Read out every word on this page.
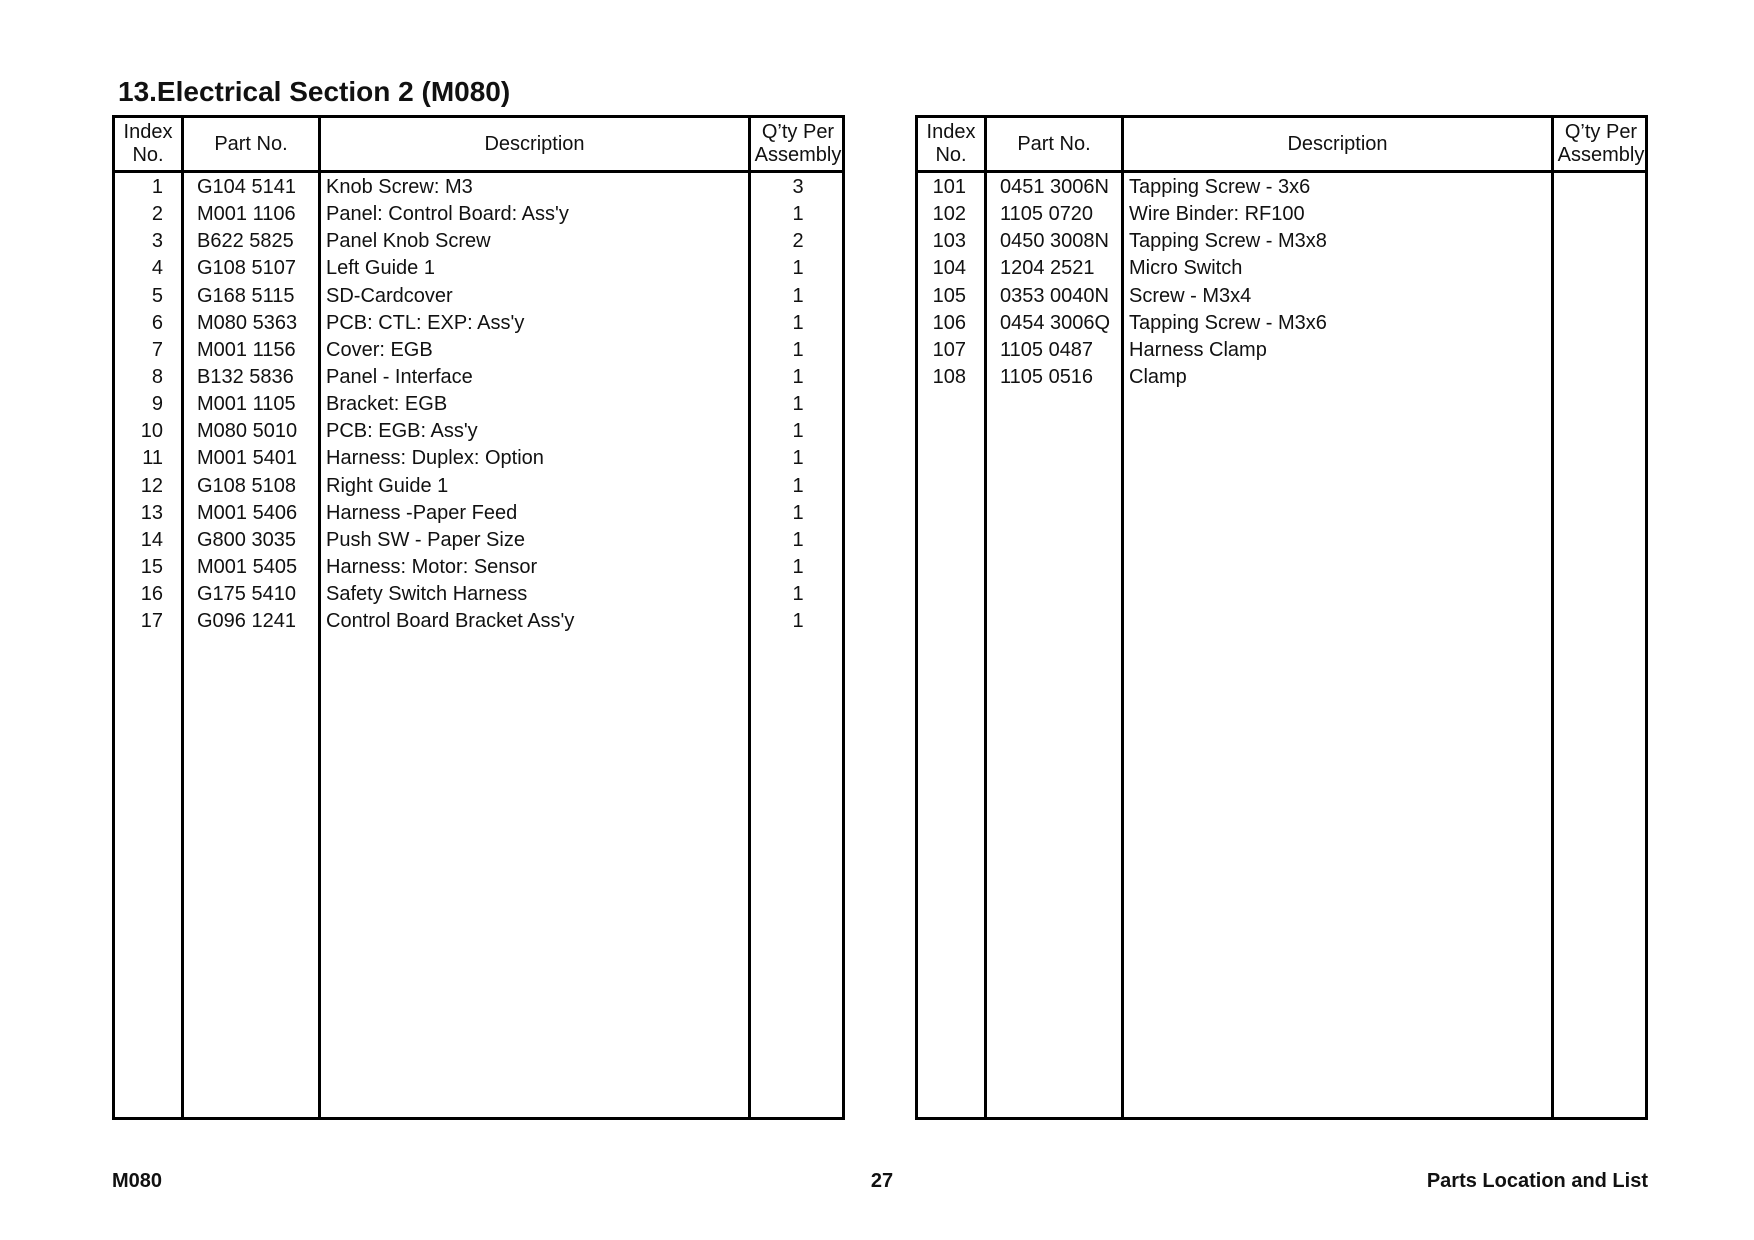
13.Electrical Section 2 (M080)
Index
No.
Part No.	Description
Q’ty Per
Assembly
1 G104 5141	Knob Screw: M3	3
2 M001 1106	Panel: Control Board: Ass'y	1
3 B622 5825	Panel Knob Screw	2
4 G108 5107	Left Guide 1	1
5 G168 5115	SD-Cardcover	1
6 M080 5363	PCB: CTL: EXP: Ass'y	1
7 M001 1156	Cover: EGB	1
8 B132 5836	Panel - Interface	1
9 M001 1105	Bracket: EGB	1
10 M080 5010	PCB: EGB: Ass'y	1
11 M001 5401	Harness: Duplex: Option	1
12 G108 5108	Right Guide 1	1
13 M001 5406	Harness -Paper Feed	1
14 G800 3035	Push SW - Paper Size	1
15 M001 5405	Harness: Motor: Sensor	1
16 G175 5410	Safety Switch Harness	1
17 G096 1241	Control Board Bracket Ass'y	1
Index
No.
Part No.	Description
Q’ty Per
Assembly
101 0451 3006N	Tapping Screw - 3x6
102 1105 0720	Wire Binder: RF100
103 0450 3008N	Tapping Screw - M3x8
104 1204 2521	Micro Switch
105 0353 0040N	Screw - M3x4
106 0454 3006Q Tapping Screw - M3x6
107 1105 0487	Harness Clamp
108 1105 0516	Clamp
M080	27	Parts Location and List
